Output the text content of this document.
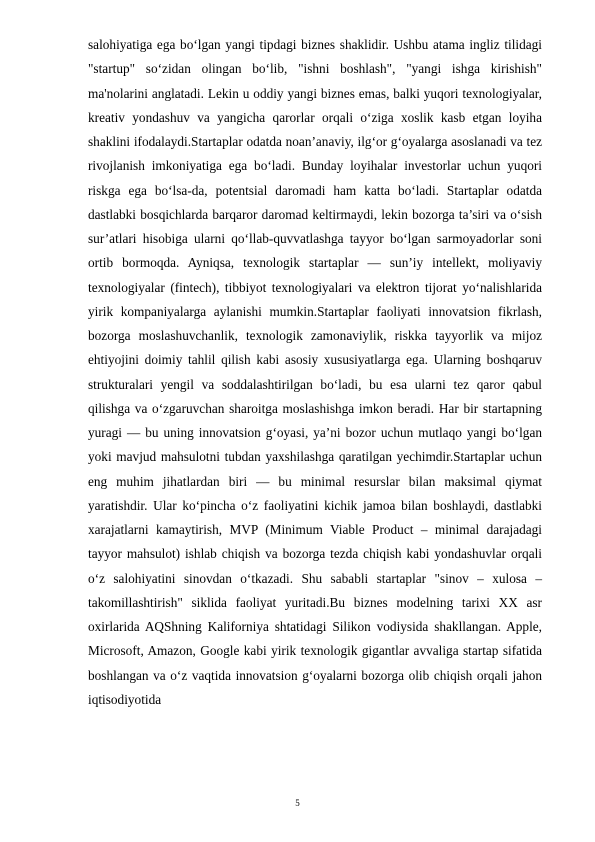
salohiyatiga ega bo‘lgan yangi tipdagi biznes shaklidir. Ushbu atama ingliz tilidagi "startup" so‘zidan olingan bo‘lib, "ishni boshlash", "yangi ishga kirishish" ma'nolarini anglatadi. Lekin u oddiy yangi biznes emas, balki yuqori texnologiyalar, kreativ yondashuv va yangicha qarorlar orqali o‘ziga xoslik kasb etgan loyiha shaklini ifodalaydi.Startaplar odatda noan’anaviy, ilg‘or g‘oyalarga asoslanadi va tez rivojlanish imkoniyatiga ega bo‘ladi. Bunday loyihalar investorlar uchun yuqori riskga ega bo‘lsa-da, potentsial daromadi ham katta bo‘ladi. Startaplar odatda dastlabki bosqichlarda barqaror daromad keltirmaydi, lekin bozorga ta’siri va o‘sish sur’atlari hisobiga ularni qo‘llab-quvvatlashga tayyor bo‘lgan sarmoyadorlar soni ortib bormoqda. Ayniqsa, texnologik startaplar — sun’iy intellekt, moliyaviy texnologiyalar (fintech), tibbiyot texnologiyalari va elektron tijorat yo‘nalishlarida yirik kompaniyalarga aylanishi mumkin.Startaplar faoliyati innovatsion fikrlash, bozorga moslashuvchanlik, texnologik zamonaviylik, riskka tayyorlik va mijoz ehtiyojini doimiy tahlil qilish kabi asosiy xususiyatlarga ega. Ularning boshqaruv strukturalari yengil va soddalashtirilgan bo‘ladi, bu esa ularni tez qaror qabul qilishga va o‘zgaruvchan sharoitga moslashishga imkon beradi. Har bir startapning yuragi — bu uning innovatsion g‘oyasi, ya’ni bozor uchun mutlaqo yangi bo‘lgan yoki mavjud mahsulotni tubdan yaxshilashga qaratilgan yechimdir.Startaplar uchun eng muhim jihatlardan biri — bu minimal resurslar bilan maksimal qiymat yaratishdir. Ular ko‘pincha o‘z faoliyatini kichik jamoa bilan boshlaydi, dastlabki xarajatlarni kamaytirish, MVP (Minimum Viable Product – minimal darajadagi tayyor mahsulot) ishlab chiqish va bozorga tezda chiqish kabi yondashuvlar orqali o‘z salohiyatini sinovdan o‘tkazadi. Shu sababli startaplar "sinov – xulosa – takomillashtirish" siklida faoliyat yuritadi.Bu biznes modelning tarixi XX asr oxirlarida AQShning Kaliforniya shtatidagi Silikon vodiysida shakllangan. Apple, Microsoft, Amazon, Google kabi yirik texnologik gigantlar avvaliga startap sifatida boshlangan va o‘z vaqtida innovatsion g‘oyalarni bozorga olib chiqish orqali jahon iqtisodiyotida

5
